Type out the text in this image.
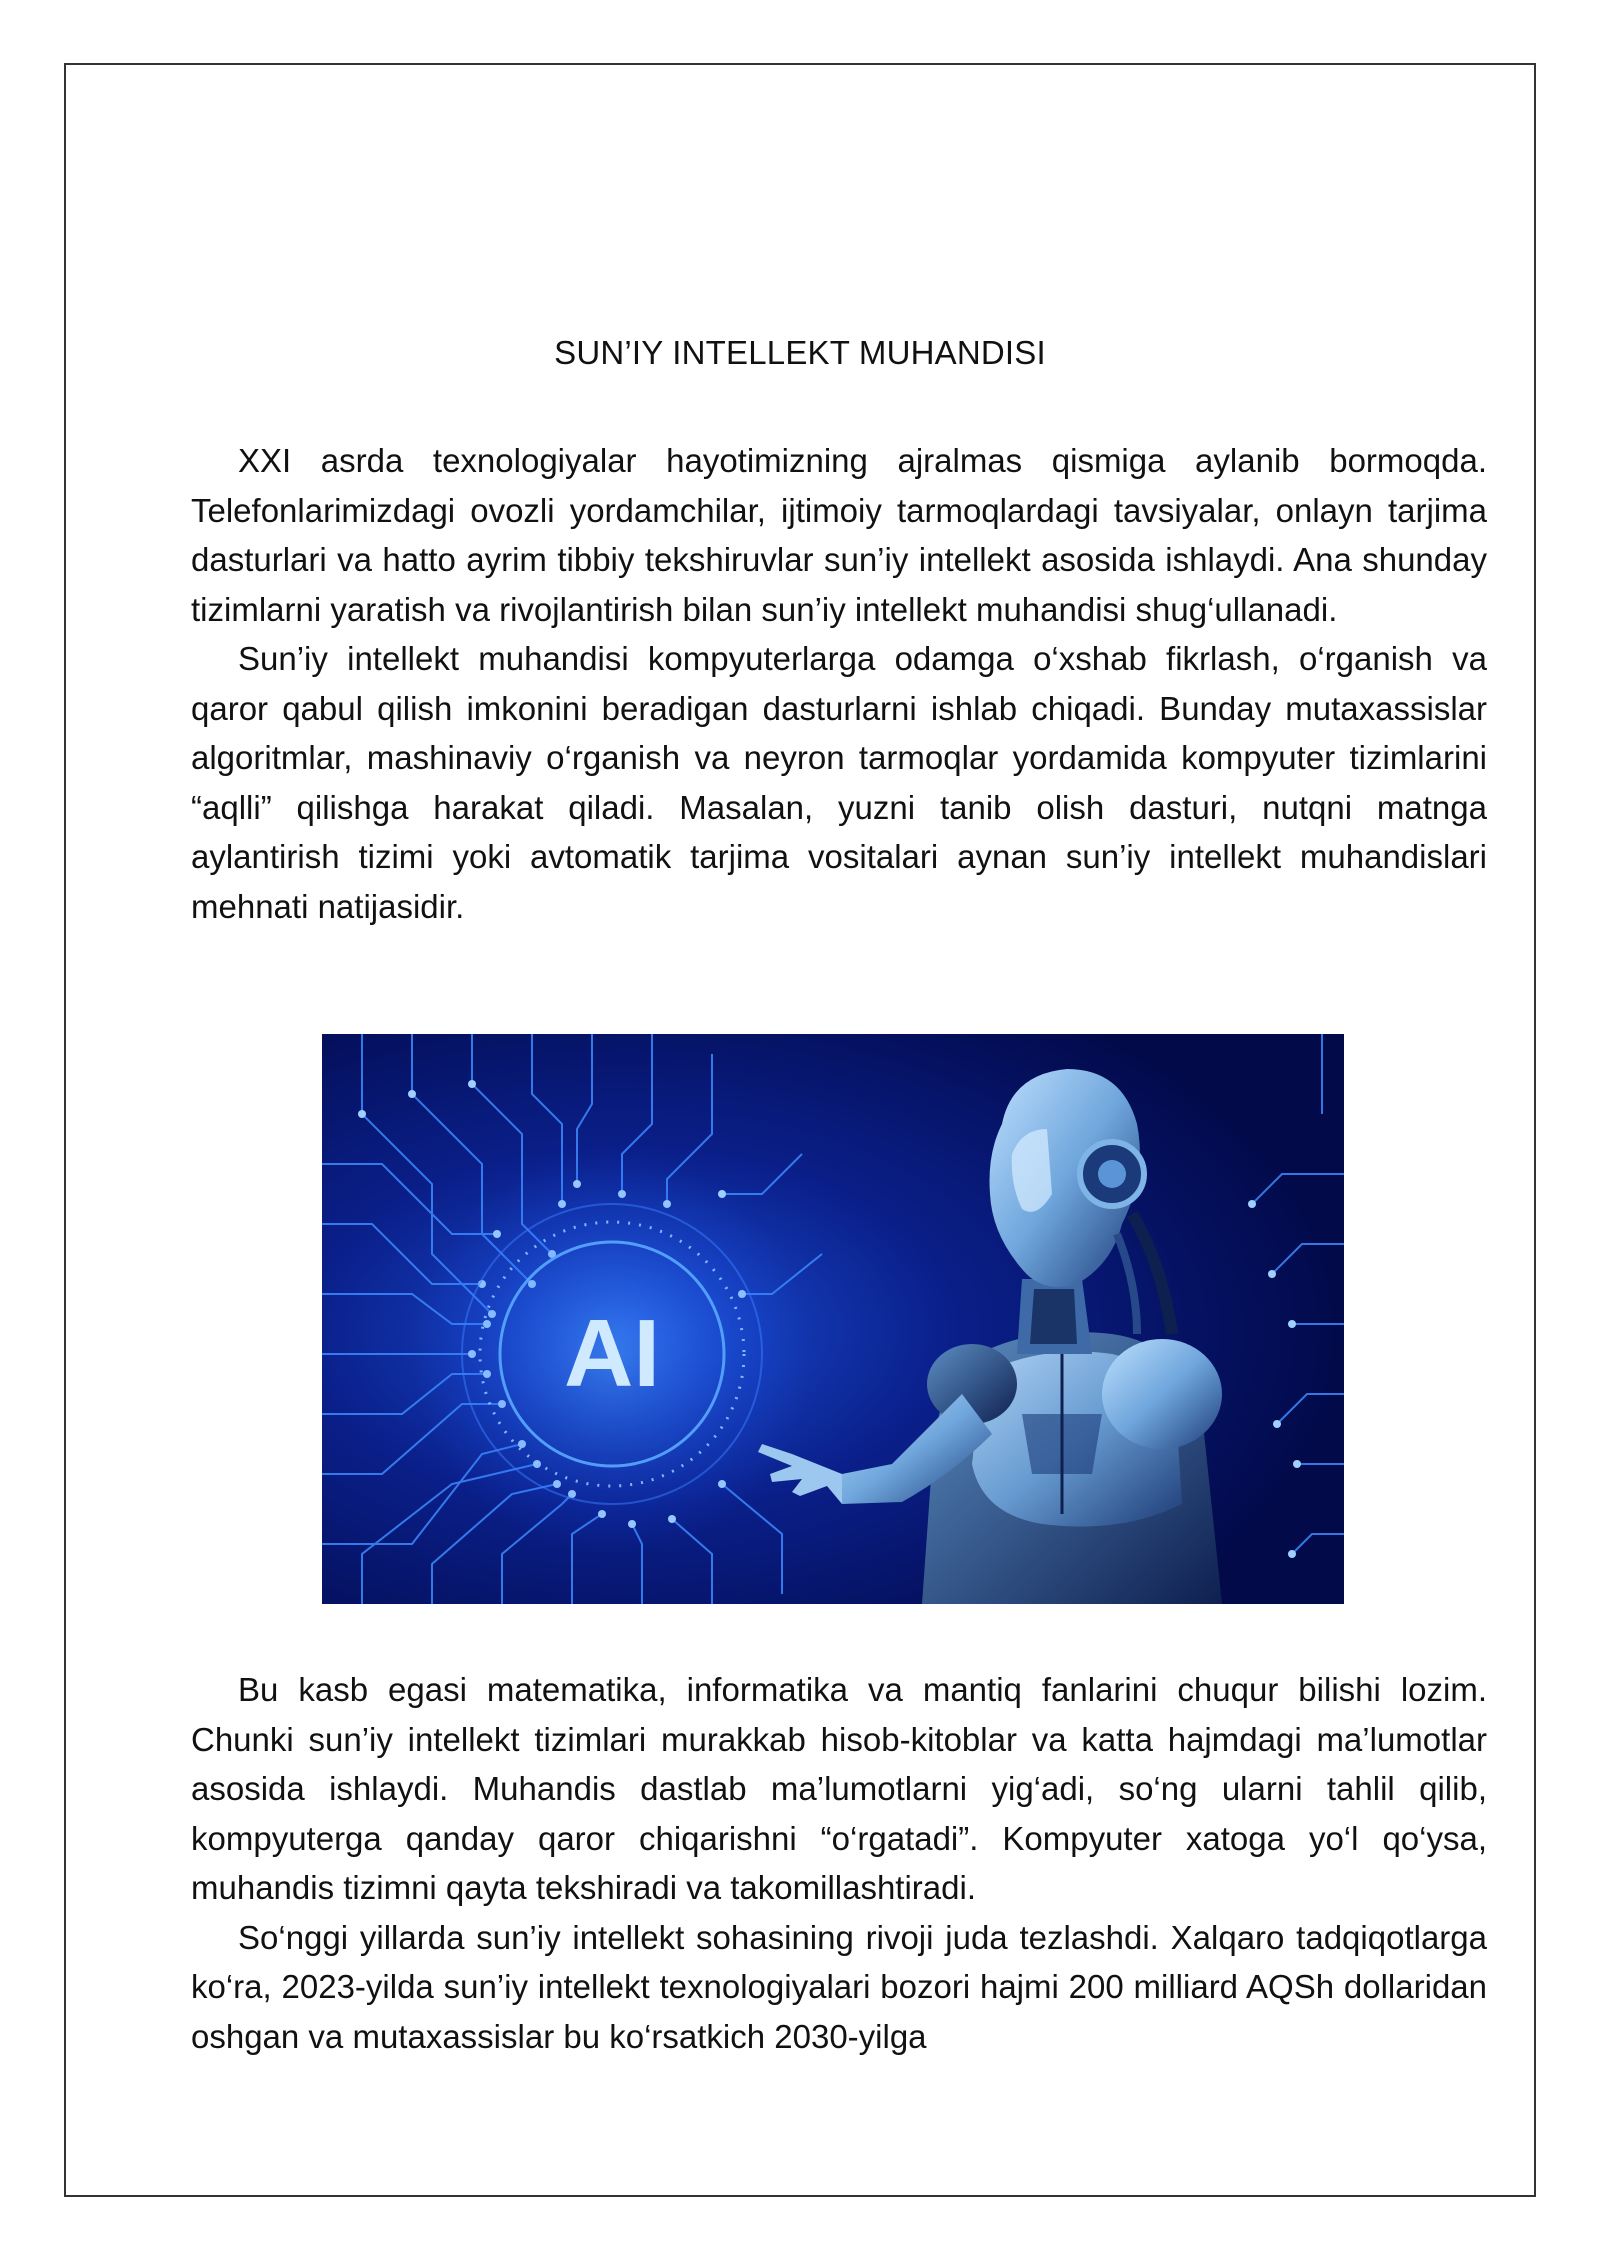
SUN’IY INTELLEKT MUHANDISI

XXI asrda texnologiyalar hayotimizning ajralmas qismiga aylanib bormoqda. Telefonlarimizdagi ovozli yordamchilar, ijtimoiy tarmoqlardagi tavsiyalar, onlayn tarjima dasturlari va hatto ayrim tibbiy tekshiruvlar sun’iy intellekt asosida ishlaydi. Ana shunday tizimlarni yaratish va rivojlantirish bilan sun’iy intellekt muhandisi shug‘ullanadi.

Sun’iy intellekt muhandisi kompyuterlarga odamga o‘xshab fikrlash, o‘rganish va qaror qabul qilish imkonini beradigan dasturlarni ishlab chiqadi. Bunday mutaxassislar algoritmlar, mashinaviy o‘rganish va neyron tarmoqlar yordamida kompyuter tizimlarini “aqlli” qilishga harakat qiladi. Masalan, yuzni tanib olish dasturi, nutqni matnga aylantirish tizimi yoki avtomatik tarjima vositalari aynan sun’iy intellekt muhandislari mehnati natijasidir.

AI

Bu kasb egasi matematika, informatika va mantiq fanlarini chuqur bilishi lozim. Chunki sun’iy intellekt tizimlari murakkab hisob-kitoblar va katta hajmdagi ma’lumotlar asosida ishlaydi. Muhandis dastlab ma’lumotlarni yig‘adi, so‘ng ularni tahlil qilib, kompyuterga qanday qaror chiqarishni “o‘rgatadi”. Kompyuter xatoga yo‘l qo‘ysa, muhandis tizimni qayta tekshiradi va takomillashtiradi.

So‘nggi yillarda sun’iy intellekt sohasining rivoji juda tezlashdi. Xalqaro tadqiqotlarga ko‘ra, 2023-yilda sun’iy intellekt texnologiyalari bozori hajmi 200 milliard AQSh dollaridan oshgan va mutaxassislar bu ko‘rsatkich 2030-yilga
